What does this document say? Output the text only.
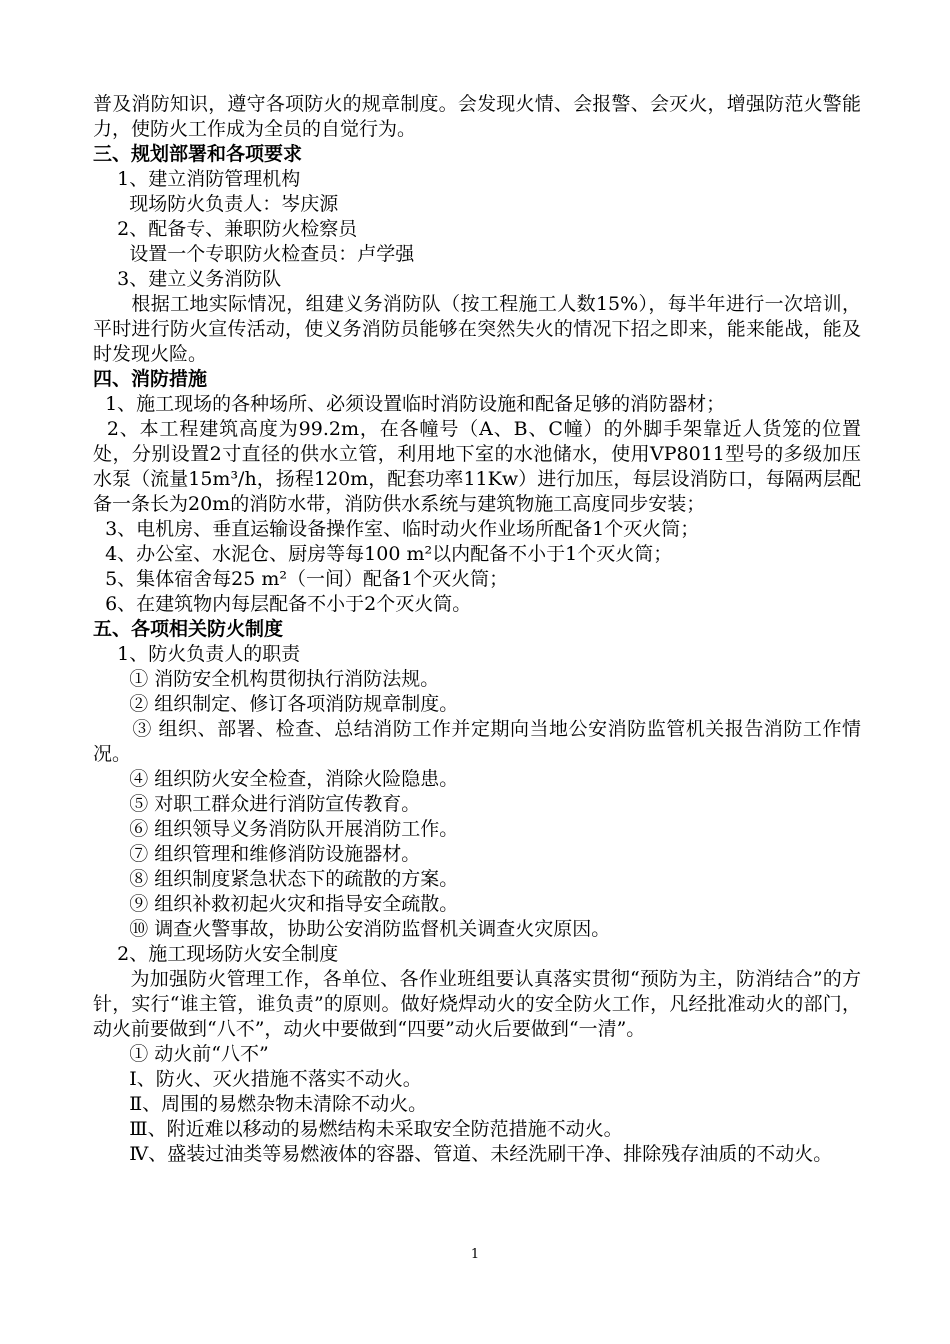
普及消防知识，遵守各项防火的规章制度。会发现火情、会报警、会灭火，增强防范火警能力，使防火工作成为全员的自觉行为。

三、规划部署和各项要求

1、建立消防管理机构

现场防火负责人：岑庆源

2、配备专、兼职防火检察员

设置一个专职防火检查员：卢学强

3、建立义务消防队

根据工地实际情况，组建义务消防队（按工程施工人数15%），每半年进行一次培训，平时进行防火宣传活动，使义务消防员能够在突然失火的情况下招之即来，能来能战，能及时发现火险。

四、消防措施

1、施工现场的各种场所、必须设置临时消防设施和配备足够的消防器材；

2、本工程建筑高度为99.2m，在各幢号（A、B、C幢）的外脚手架靠近人货笼的位置处，分别设置2寸直径的供水立管，利用地下室的水池储水，使用VP8011型号的多级加压水泵（流量15m³/h，扬程120m，配套功率11Kw）进行加压，每层设消防口，每隔两层配备一条长为20m的消防水带，消防供水系统与建筑物施工高度同步安装；

3、电机房、垂直运输设备操作室、临时动火作业场所配备1个灭火筒；

4、办公室、水泥仓、厨房等每100 m²以内配备不小于1个灭火筒；

5、集体宿舍每25 m²（一间）配备1个灭火筒；

6、在建筑物内每层配备不小于2个灭火筒。

五、各项相关防火制度

1、防火负责人的职责

① 消防安全机构贯彻执行消防法规。

② 组织制定、修订各项消防规章制度。

③ 组织、部署、检查、总结消防工作并定期向当地公安消防监管机关报告消防工作情况。

④ 组织防火安全检查，消除火险隐患。

⑤ 对职工群众进行消防宣传教育。

⑥ 组织领导义务消防队开展消防工作。

⑦ 组织管理和维修消防设施器材。

⑧ 组织制度紧急状态下的疏散的方案。

⑨ 组织补救初起火灾和指导安全疏散。

⑩ 调查火警事故，协助公安消防监督机关调查火灾原因。

2、施工现场防火安全制度

为加强防火管理工作，各单位、各作业班组要认真落实贯彻“预防为主，防消结合”的方针，实行“谁主管，谁负责”的原则。做好烧焊动火的安全防火工作，凡经批准动火的部门，动火前要做到“八不”，动火中要做到“四要”动火后要做到“一清”。

① 动火前“八不”

Ⅰ、防火、灭火措施不落实不动火。

Ⅱ、周围的易燃杂物未清除不动火。

Ⅲ、附近难以移动的易燃结构未采取安全防范措施不动火。

Ⅳ、盛装过油类等易燃液体的容器、管道、未经洗刷干净、排除残存油质的不动火。

1
